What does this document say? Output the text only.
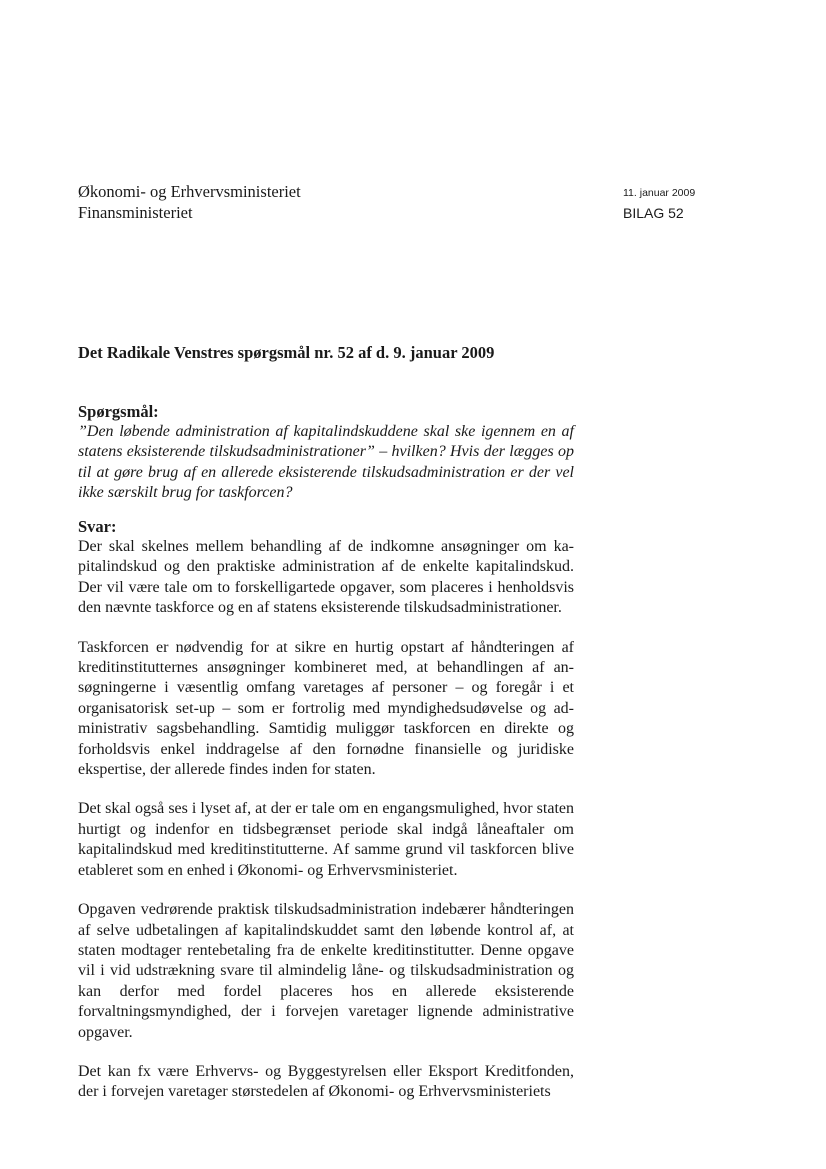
Økonomi- og Erhvervsministeriet
Finansministeriet
11. januar 2009
BILAG 52
Det Radikale Venstres spørgsmål nr. 52 af d. 9. januar 2009
Spørgsmål:

”Den løbende administration af kapitalindskuddene skal ske igennem en af statens eksisterende tilskudsadministrationer” – hvilken? Hvis der lægges op til at gøre brug af en allerede eksisterende tilskudsadministration er der vel ikke særskilt brug for taskforcen?

Svar:

Der skal skelnes mellem behandling af de indkomne ansøgninger om kapitalindskud og den praktiske administration af de enkelte kapitalindskud. Der vil være tale om to forskelligartede opgaver, som placeres i henholdsvis den nævnte taskforce og en af statens eksisterende tilskudsadministrationer.

Taskforcen er nødvendig for at sikre en hurtig opstart af håndteringen af kreditinstitutternes ansøgninger kombineret med, at behandlingen af ansøgningerne i væsentlig omfang varetages af personer – og foregår i et organisatorisk set-up – som er fortrolig med myndighedsudøvelse og administrativ sagsbehandling. Samtidig muliggør taskforcen en direkte og forholdsvis enkel inddragelse af den fornødne finansielle og juridiske ekspertise, der allerede findes inden for staten.

Det skal også ses i lyset af, at der er tale om en engangsmulighed, hvor staten hurtigt og indenfor en tidsbegrænset periode skal indgå låneaftaler om kapitalindskud med kreditinstitutterne. Af samme grund vil taskforcen blive etableret som en enhed i Økonomi- og Erhvervsministeriet.

Opgaven vedrørende praktisk tilskudsadministration indebærer håndteringen af selve udbetalingen af kapitalindskuddet samt den løbende kontrol af, at staten modtager rentebetaling fra de enkelte kreditinstitutter. Denne opgave vil i vid udstrækning svare til almindelig låne- og tilskudsadministration og kan derfor med fordel placeres hos en allerede eksisterende forvaltningsmyndighed, der i forvejen varetager lignende administrative opgaver.

Det kan fx være Erhvervs- og Byggestyrelsen eller Eksport Kreditfonden, der i forvejen varetager størstedelen af Økonomi- og Erhvervsministeriets
